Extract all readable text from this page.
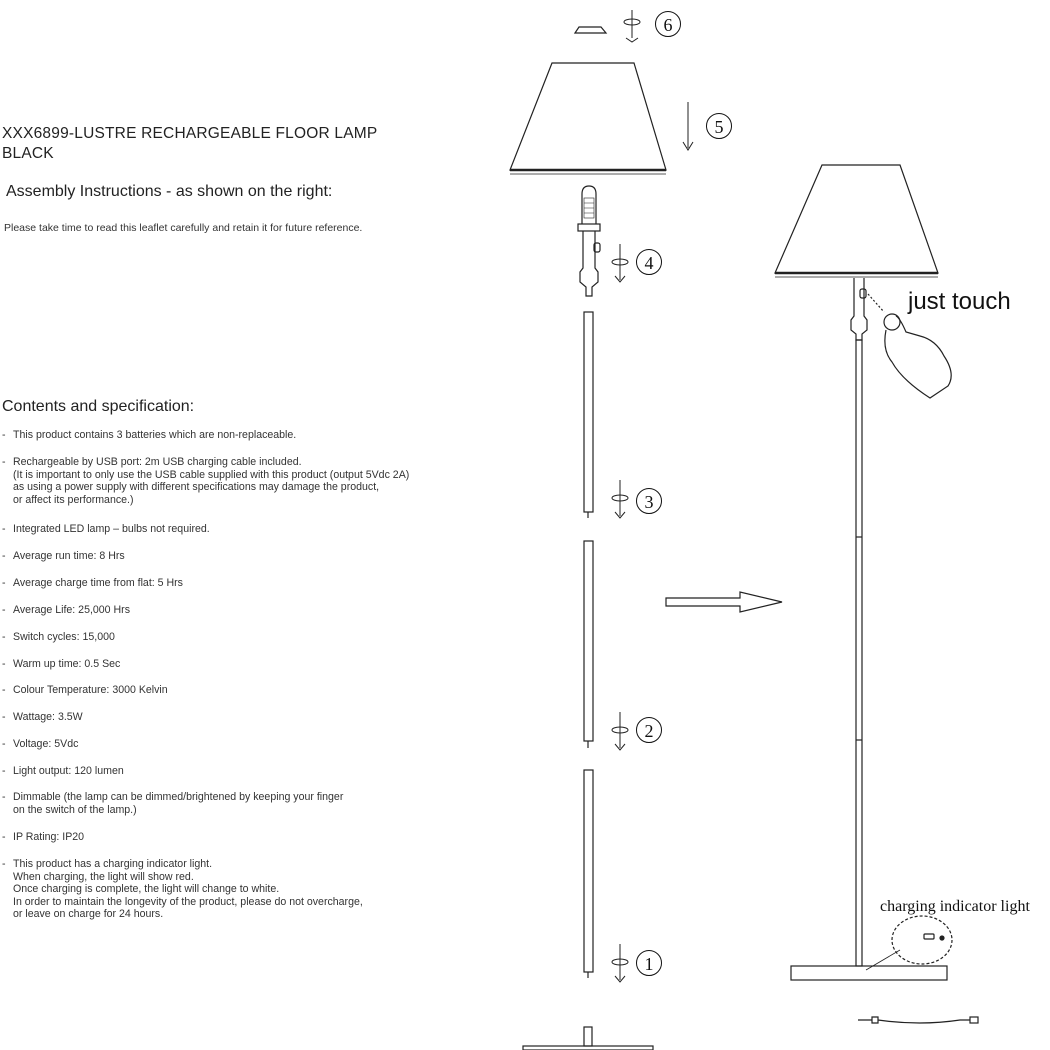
XXX6899-LUSTRE RECHARGEABLE FLOOR LAMP BLACK
Assembly Instructions - as shown on the right:
Please take time to read this leaflet carefully and retain it for future reference.
Contents and specification:
- This product contains 3 batteries which are non-replaceable.
- Rechargeable by USB port: 2m USB charging cable included.
(It is important to only use the USB cable supplied with this product (output 5Vdc 2A)
as using a power supply with different specifications may damage the product,
or affect its performance.)
- Integrated LED lamp – bulbs not required.
- Average run time: 8 Hrs
- Average charge time from flat: 5 Hrs
- Average Life: 25,000 Hrs
- Switch cycles: 15,000
- Warm up time: 0.5 Sec
- Colour Temperature: 3000 Kelvin
- Wattage: 3.5W
- Voltage: 5Vdc
- Light output: 120 lumen
- Dimmable (the lamp can be dimmed/brightened by keeping your finger
on the switch of the lamp.)
- IP Rating: IP20
- This product has a charging indicator light.
When charging, the light will show red.
Once charging is complete, the light will change to white.
In order to maintain the longevity of the product, please do not overcharge,
or leave on charge for 24 hours.
6
5
4
3
2
1
just touch
charging indicator light
